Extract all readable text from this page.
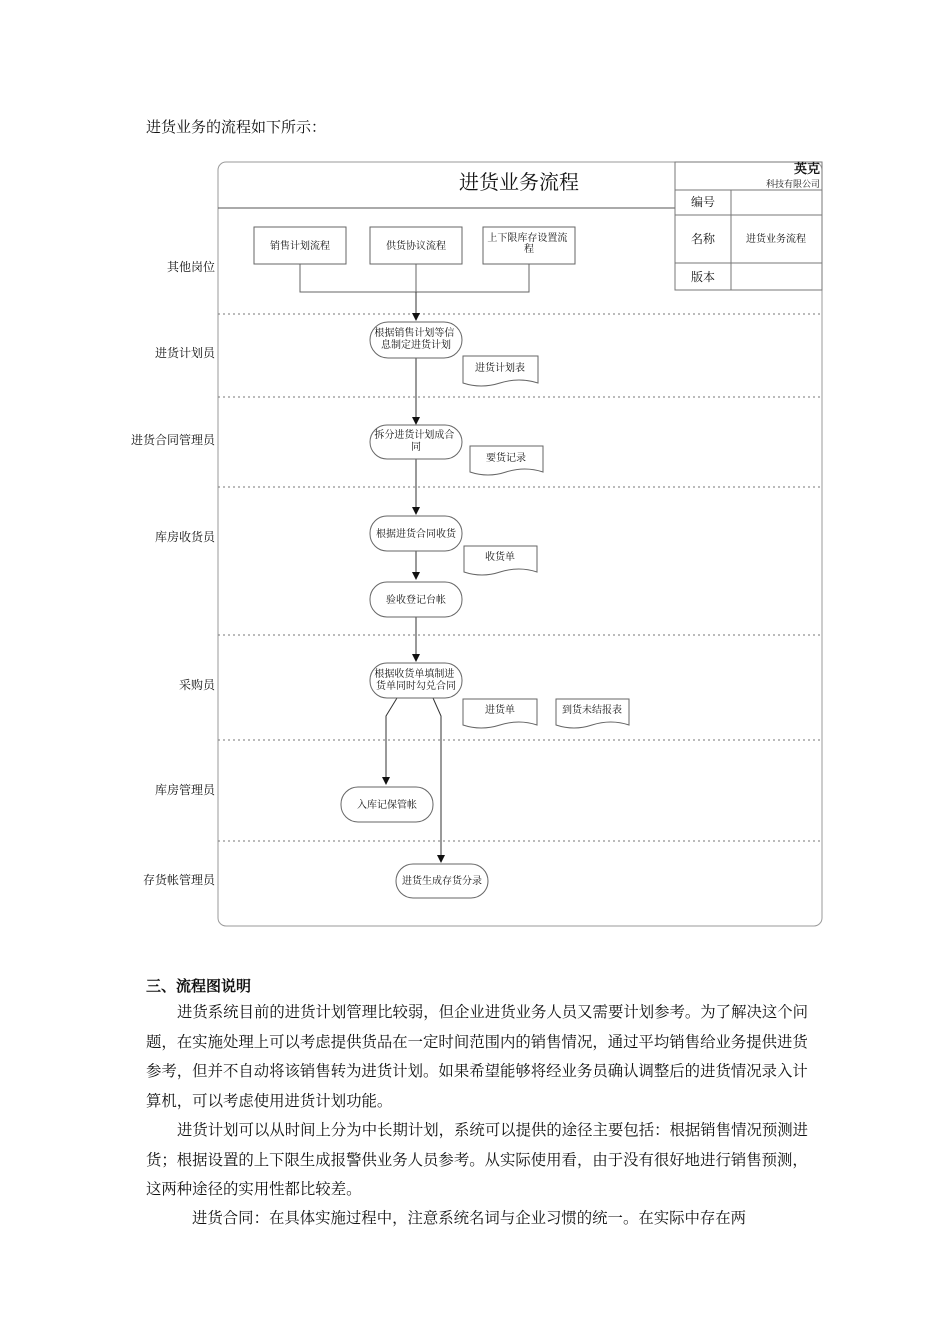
进货业务的流程如下所示：
进货业务流程
英克
科技有限公司
编号
名称	进货业务流程
版本
其他岗位
进货计划员
进货合同管理员
库房收货员
采购员
库房管理员
存货帐管理员
销售计划流程	供货协议流程
上下限库存设置流 程
根据销售计划等信 息制定进货计划
拆分进货计划成合 同
根据进货合同收货
验收登记台帐
根据收货单填制进 货单同时勾兑合同
入库记保管帐
进货生成存货分录
进货计划表
要货记录
收货单
进货单	到货未结报表
三、流程图说明

进货系统目前的进货计划管理比较弱，但企业进货业务人员又需要计划参考。为了解决这个问题，在实施处理上可以考虑提供货品在一定时间范围内的销售情况，通过平均销售给业务提供进货参考，但并不自动将该销售转为进货计划。如果希望能够将经业务员确认调整后的进货情况录入计算机，可以考虑使用进货计划功能。

进货计划可以从时间上分为中长期计划，系统可以提供的途径主要包括：根据销售情况预测进货；根据设置的上下限生成报警供业务人员参考。从实际使用看，由于没有很好地进行销售预测，这两种途径的实用性都比较差。

进货合同：在具体实施过程中，注意系统名词与企业习惯的统一。在实际中存在两
